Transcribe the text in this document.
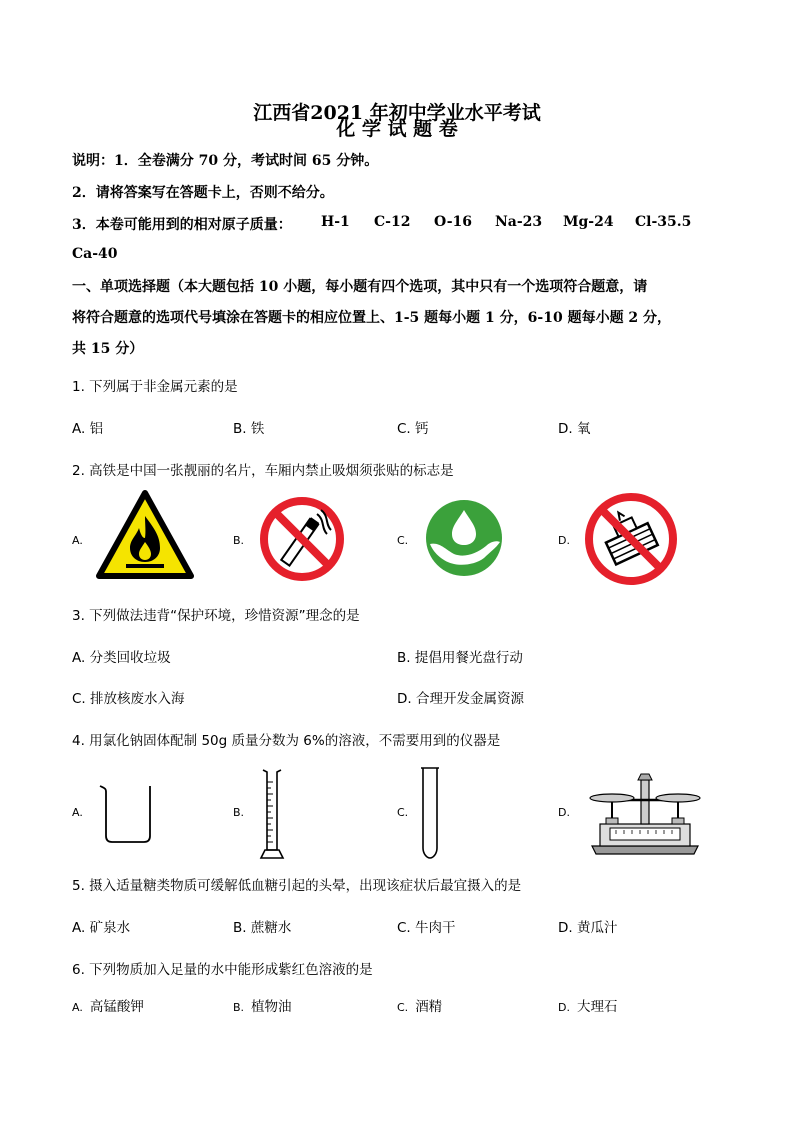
江西省2021 年初中学业水平考试
化 学 试 题 卷
说明：1．全卷满分 70 分，考试时间 65 分钟。
2．请将答案写在答题卡上，否则不给分。
3．本卷可能用到的相对原子质量： H-1 C-12 O-16 Na-23 Mg-24 Cl-35.5
Ca-40
一、单项选择题（本大题包括 10 小题，每小题有四个选项，其中只有一个选项符合题意，请
将符合题意的选项代号填涂在答题卡的相应位置上、1-5 题每小题 1 分，6-10 题每小题 2 分，
共 15 分）
1. 下列属于非金属元素的是
A. 铝	B. 铁	C. 钙	D. 氧
2. 高铁是中国一张靓丽的名片，车厢内禁止吸烟须张贴的标志是
A.	B.	C.	D.
3. 下列做法违背“保护环境，珍惜资源”理念的是
A. 分类回收垃圾	B. 提倡用餐光盘行动
C. 排放核废水入海	D. 合理开发金属资源
4. 用氯化钠固体配制 50g 质量分数为 6%的溶液，不需要用到的仪器是
A.	B.	C.	D.
5. 摄入适量糖类物质可缓解低血糖引起的头晕，出现该症状后最宜摄入的是
A. 矿泉水	B. 蔗糖水	C. 牛肉干	D. 黄瓜汁
6. 下列物质加入足量的水中能形成紫红色溶液的是
A. 高锰酸钾	B. 植物油	C. 酒精	D. 大理石
